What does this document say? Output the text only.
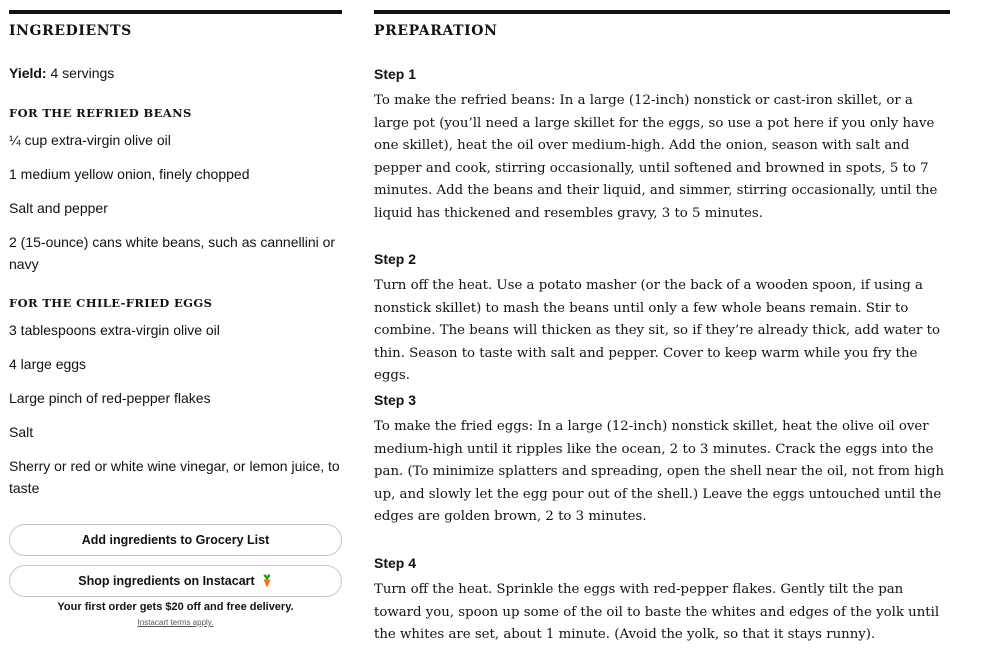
INGREDIENTS
Yield: 4 servings
FOR THE REFRIED BEANS
¼ cup extra-virgin olive oil
1 medium yellow onion, finely chopped
Salt and pepper
2 (15-ounce) cans white beans, such as cannellini or navy
FOR THE CHILE-FRIED EGGS
3 tablespoons extra-virgin olive oil
4 large eggs
Large pinch of red-pepper flakes
Salt
Sherry or red or white wine vinegar, or lemon juice, to taste
Add ingredients to Grocery List
Shop ingredients on Instacart
Your first order gets $20 off and free delivery.
Instacart terms apply.
PREPARATION
Step 1
To make the refried beans: In a large (12-inch) nonstick or cast-iron skillet, or a large pot (you’ll need a large skillet for the eggs, so use a pot here if you only have one skillet), heat the oil over medium-high. Add the onion, season with salt and pepper and cook, stirring occasionally, until softened and browned in spots, 5 to 7 minutes. Add the beans and their liquid, and simmer, stirring occasionally, until the liquid has thickened and resembles gravy, 3 to 5 minutes.
Step 2
Turn off the heat. Use a potato masher (or the back of a wooden spoon, if using a nonstick skillet) to mash the beans until only a few whole beans remain. Stir to combine. The beans will thicken as they sit, so if they’re already thick, add water to thin. Season to taste with salt and pepper. Cover to keep warm while you fry the eggs.
Step 3
To make the fried eggs: In a large (12-inch) nonstick skillet, heat the olive oil over medium-high until it ripples like the ocean, 2 to 3 minutes. Crack the eggs into the pan. (To minimize splatters and spreading, open the shell near the oil, not from high up, and slowly let the egg pour out of the shell.) Leave the eggs untouched until the edges are golden brown, 2 to 3 minutes.
Step 4
Turn off the heat. Sprinkle the eggs with red-pepper flakes. Gently tilt the pan toward you, spoon up some of the oil to baste the whites and edges of the yolk until the whites are set, about 1 minute. (Avoid the yolk, so that it stays runny).
